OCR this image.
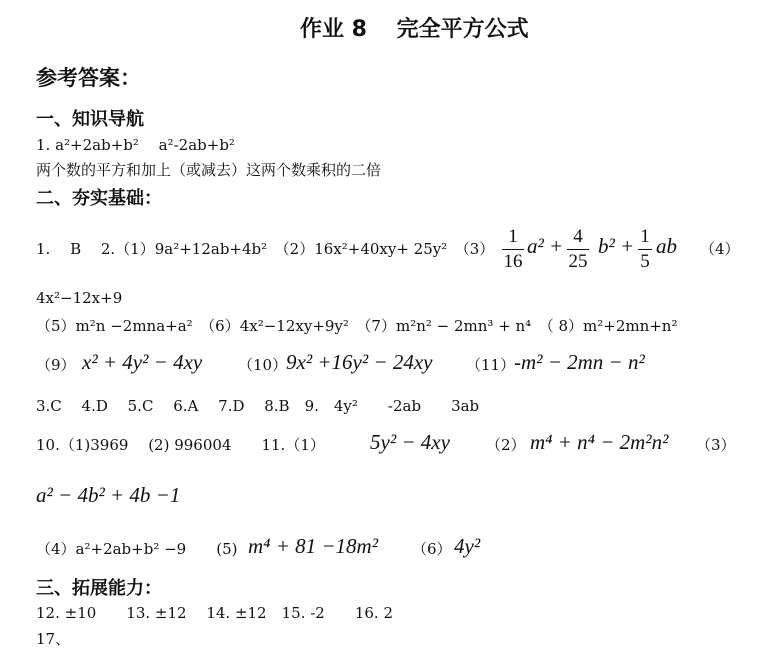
作业 8　 完全平方公式
参考答案：
一、知识导航
1. a²+2ab+b²　 a²-2ab+b²
两个数的平方和加上（或减去）这两个数乘积的二倍
二、夯实基础：
1.　 B　 2.（1）9a²+12ab+4b²　（2）16x²+40xy+ 25y²　（3）
1
16
a² + 4
25
b² + 1
5
ab （4）
4x²−12x+9
（5）m²n −2mna+a²　（6）4x²−12xy+9y²　（7）m²n² − 2mn³ + n⁴　（ 8）m²+2mn+n²
（9） x² + 4y² − 4xy （10）
9x² +16y² − 24xy （11）
-m² − 2mn − n²
3.C　 4.D　 5.C　 6.A　 7.D　 8.B　9.　4y²　　-2ab　　3ab
10.（1)3969　 (2) 996004　　11.（1） 5y² − 4xy （2） m⁴ + n⁴ − 2m²n² （3）
a² − 4b² + 4b −1
（4）a²+2ab+b² −9　　(5) m⁴ + 81 −18m² （6） 4y²
三、拓展能力：
12. ±10　　13. ±12　 14. ±12　15. -2　　16. 2
17、
